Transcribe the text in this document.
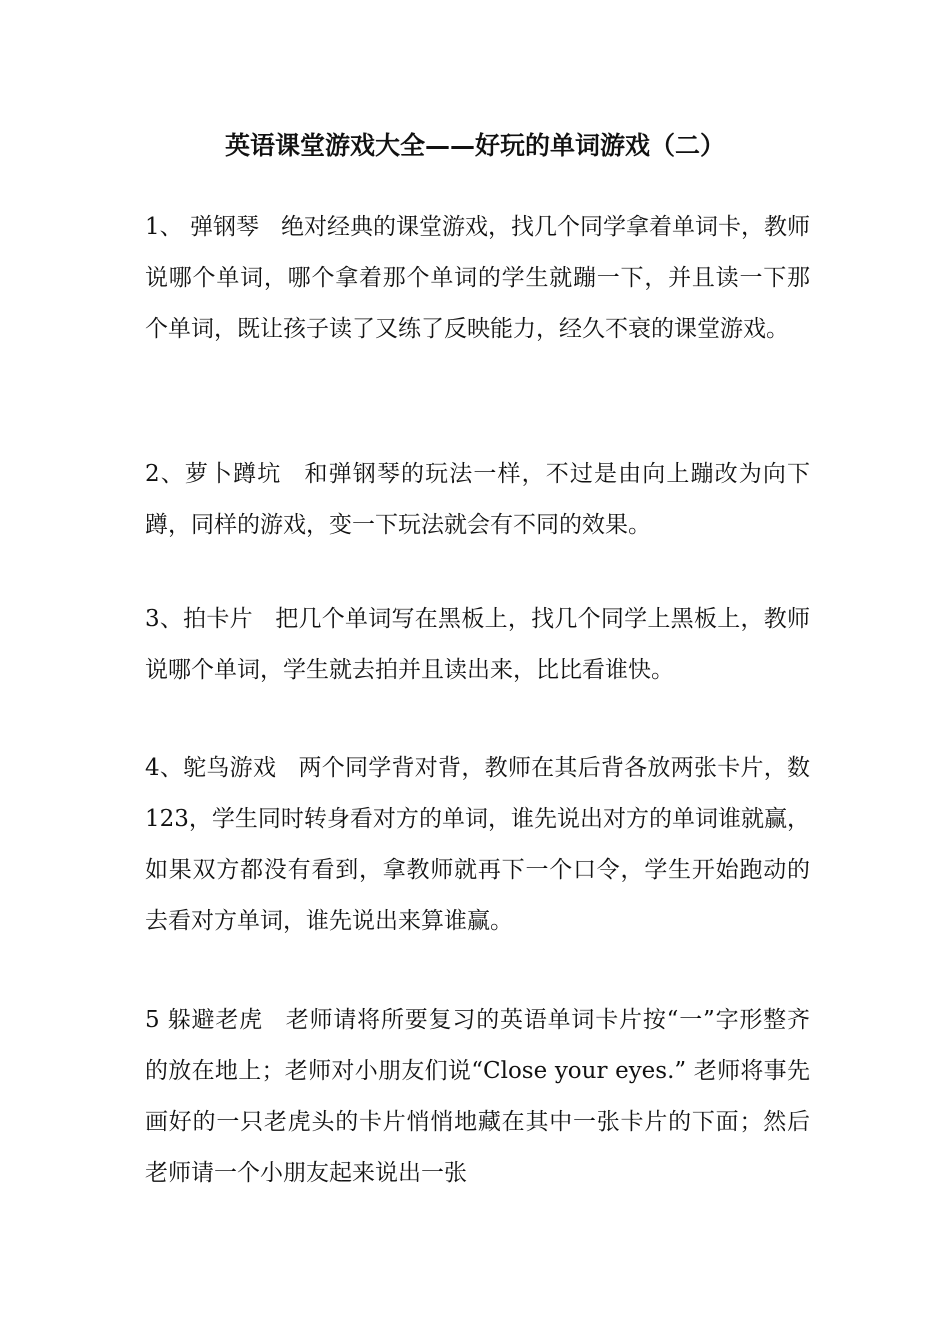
英语课堂游戏大全——好玩的单词游戏（二）

1、 弹钢琴 绝对经典的课堂游戏，找几个同学拿着单词卡，教师说哪个单词，哪个拿着那个单词的学生就蹦一下，并且读一下那个单词，既让孩子读了又练了反映能力，经久不衰的课堂游戏。

2、萝卜蹲坑 和弹钢琴的玩法一样，不过是由向上蹦改为向下蹲，同样的游戏，变一下玩法就会有不同的效果。

3、拍卡片 把几个单词写在黑板上，找几个同学上黑板上，教师说哪个单词，学生就去拍并且读出来，比比看谁快。

4、鸵鸟游戏 两个同学背对背，教师在其后背各放两张卡片，数 123，学生同时转身看对方的单词，谁先说出对方的单词谁就赢，如果双方都没有看到，拿教师就再下一个口令，学生开始跑动的去看对方单词，谁先说出来算谁赢。

5 躲避老虎 老师请将所要复习的英语单词卡片按“一”字形整齐的放在地上；老师对小朋友们说“Close your eyes.” 老师将事先画好的一只老虎头的卡片悄悄地藏在其中一张卡片的下面；然后老师请一个小朋友起来说出一张
